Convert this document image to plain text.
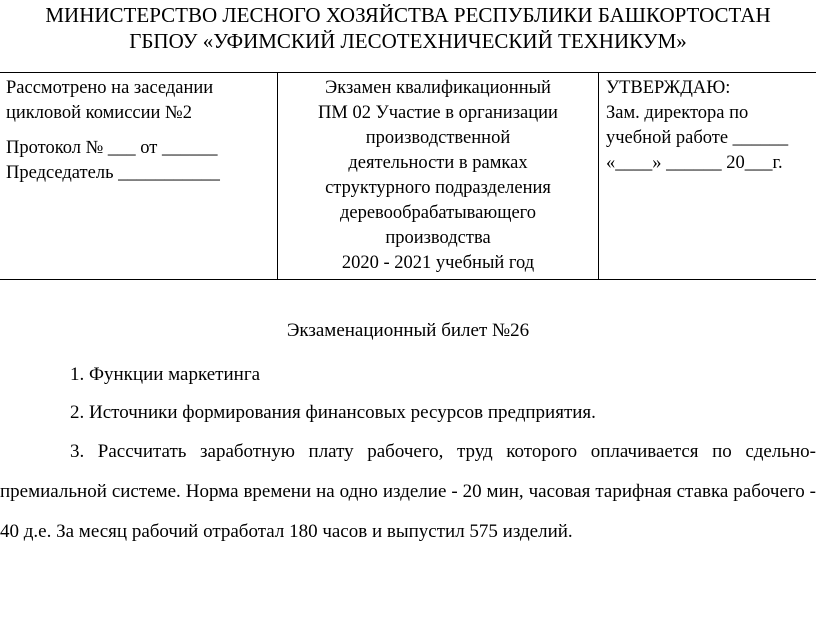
МИНИСТЕРСТВО ЛЕСНОГО ХОЗЯЙСТВА РЕСПУБЛИКИ БАШКОРТОСТАН
ГБПОУ «УФИМСКИЙ ЛЕСОТЕХНИЧЕСКИЙ ТЕХНИКУМ»
Рассмотрено на заседании
цикловой комиссии №2
Протокол № ___ от ______
Председатель ___________

Экзамен квалификационный
ПМ 02 Участие в организации
производственной
деятельности в рамках
структурного подразделения
деревообрабатывающего
производства
2020 - 2021 учебный год

УТВЕРЖДАЮ:
Зам. директора по
учебной работе ______
«____» ______ 20___г.
Экзаменационный билет №26
1. Функции маркетинга
2. Источники формирования финансовых ресурсов предприятия.
3. Рассчитать заработную плату рабочего, труд которого оплачивается по сдельно-премиальной системе. Норма времени на одно изделие - 20 мин, часовая тарифная ставка рабочего - 40 д.е. За месяц рабочий отработал 180 часов и выпустил 575 изделий.
